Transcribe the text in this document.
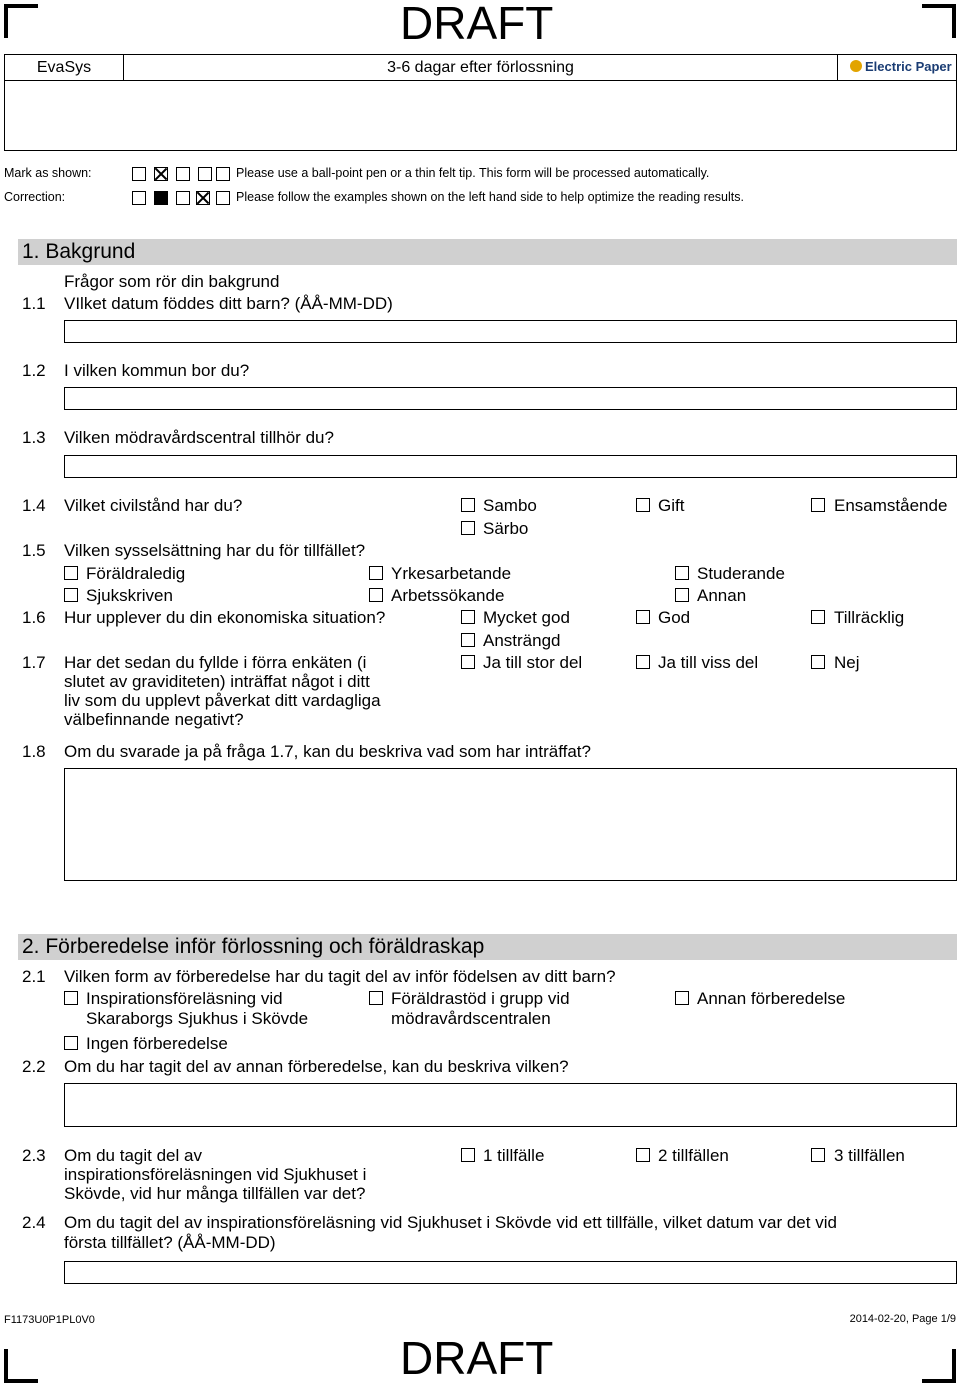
DRAFT
DRAFT
EvaSys	3-6 dagar efter förlossning	Electric Paper
Mark as shown:	Please use a ball-point pen or a thin felt tip. This form will be processed automatically.
Correction:	Please follow the examples shown on the left hand side to help optimize the reading results.
1. Bakgrund
Frågor som rör din bakgrund
1.1 VIlket datum föddes ditt barn? (ÅÅ-MM-DD)
1.2 I vilken kommun bor du?
1.3 Vilken mödravårdscentral tillhör du?
1.4 Vilket civilstånd har du?	Sambo	Gift	Ensamstående
Särbo
1.5 Vilken sysselsättning har du för tillfället?
Föräldraledig	Yrkesarbetande	Studerande
Sjukskriven	Arbetssökande	Annan
1.6 Hur upplever du din ekonomiska situation?	Mycket god	God	Tillräcklig
Ansträngd
1.7 Har det sedan du fyllde i förra enkäten (i
slutet av graviditeten) inträffat något i ditt
liv som du upplevt påverkat ditt vardagliga
välbefinnande negativt?
Ja till stor del	Ja till viss del	Nej
1.8 Om du svarade ja på fråga 1.7, kan du beskriva vad som har inträffat?
2. Förberedelse inför förlossning och föräldraskap
2.1 Vilken form av förberedelse har du tagit del av inför födelsen av ditt barn?
Inspirationsföreläsning vid
Skaraborgs Sjukhus i Skövde
Föräldrastöd i grupp vid
mödravårdscentralen
Annan förberedelse
Ingen förberedelse
2.2 Om du har tagit del av annan förberedelse, kan du beskriva vilken?
2.3 Om du tagit del av
inspirationsföreläsningen vid Sjukhuset i
Skövde, vid hur många tillfällen var det?
1 tillfälle	2 tillfällen	3 tillfällen
2.4 Om du tagit del av inspirationsföreläsning vid Sjukhuset i Skövde vid ett tillfälle, vilket datum var det vid
första tillfället? (ÅÅ-MM-DD)
F1173U0P1PL0V0	2014-02-20, Page 1/9
